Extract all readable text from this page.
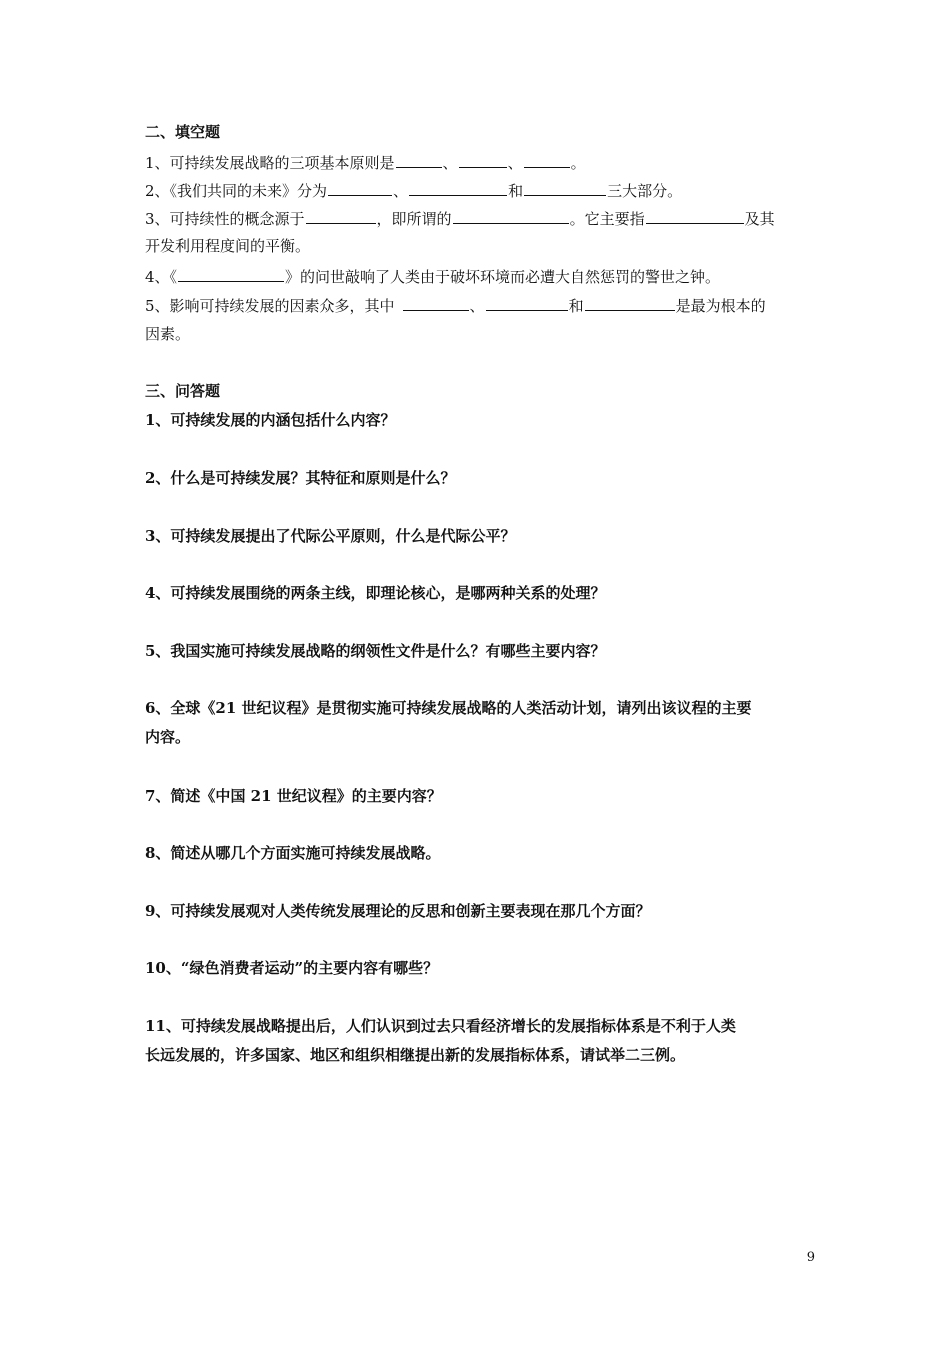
二、填空题
1、可持续发展战略的三项基本原则是	、	、	。
2、《我们共同的未来》分为	、	和	三大部分。
3、可持续性的概念源于	，即所谓的	。它主要指	及其
开发利用程度间的平衡。
4、《	》的问世敲响了人类由于破坏环境而必遭大自然惩罚的警世之钟。
5、影响可持续发展的因素众多，其中	、	和	是最为根本的
因素。
三、问答题
1、可持续发展的内涵包括什么内容？
2、什么是可持续发展？其特征和原则是什么？
3、可持续发展提出了代际公平原则，什么是代际公平？
4、可持续发展围绕的两条主线，即理论核心，是哪两种关系的处理？
5、我国实施可持续发展战略的纲领性文件是什么？有哪些主要内容？
6、全球《21 世纪议程》是贯彻实施可持续发展战略的人类活动计划，请列出该议程的主要
内容。
7、简述《中国 21 世纪议程》的主要内容？
8、简述从哪几个方面实施可持续发展战略。
9、可持续发展观对人类传统发展理论的反思和创新主要表现在那几个方面？
10、“绿色消费者运动”的主要内容有哪些？
11、可持续发展战略提出后，人们认识到过去只看经济增长的发展指标体系是不利于人类
长远发展的，许多国家、地区和组织相继提出新的发展指标体系，请试举二三例。
9
